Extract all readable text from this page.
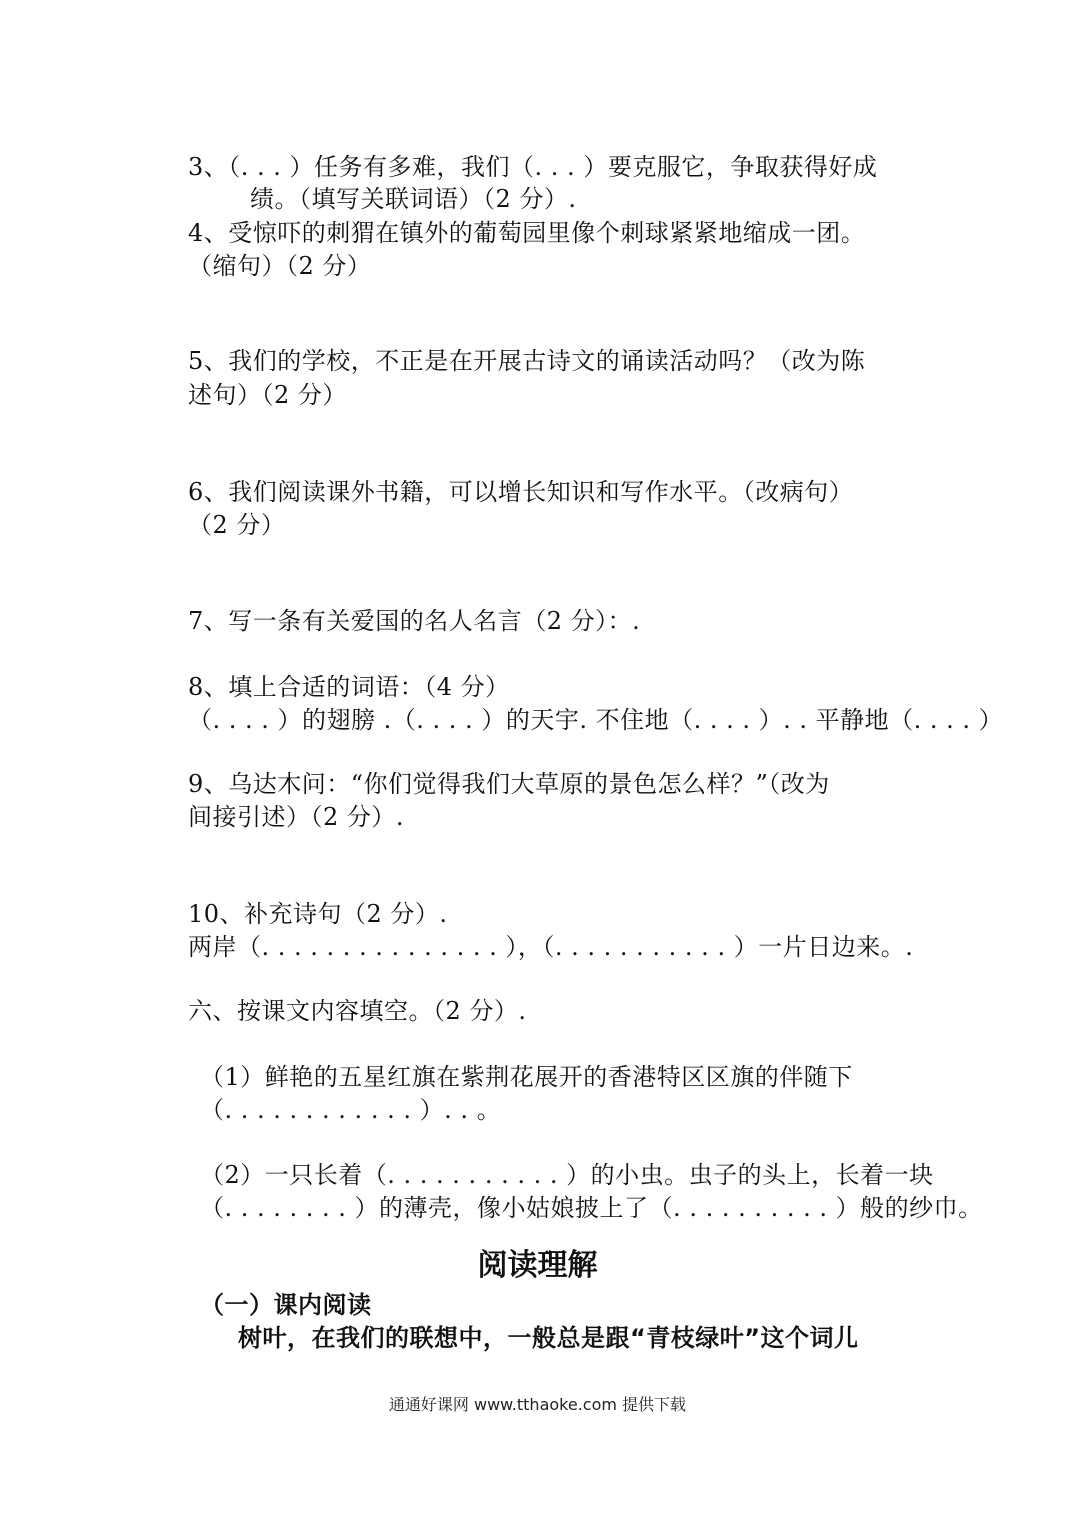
3、（. . . ）任务有多难，我们（. . . ）要克服它，争取获得好成
绩。（填写关联词语）（2 分）.
4、受惊吓的刺猬在镇外的葡萄园里像个刺球紧紧地缩成一团。
（缩句）（2 分）
5、我们的学校，不正是在开展古诗文的诵读活动吗？（改为陈
述句）（2 分）
6、我们阅读课外书籍，可以增长知识和写作水平。（改病句）
（2 分）
7、写一条有关爱国的名人名言（2 分）：.
8、填上合适的词语：（4 分）
（. . . . ）的翅膀 .（. . . . ）的天宇. 不住地（. . . . ）. . 平静地（. . . . ）
9、乌达木问：“你们觉得我们大草原的景色怎么样？”（改为
间接引述）（2 分）.
10、补充诗句（2 分）.
两岸（. . . . . . . . . . . . . . . ），（. . . . . . . . . . . ）一片日边来。.
六、按课文内容填空。（2 分）.
（1）鲜艳的五星红旗在紫荆花展开的香港特区区旗的伴随下
（. . . . . . . . . . . . ）. . 。
（2）一只长着（. . . . . . . . . . . ）的小虫。虫子的头上，长着一块
（. . . . . . . . ）的薄壳，像小姑娘披上了（. . . . . . . . . . ）般的纱巾。
阅读理解
（一）课内阅读
树叶，在我们的联想中，一般总是跟“青枝绿叶”这个词儿
通通好课网 www.tthaoke.com 提供下载
